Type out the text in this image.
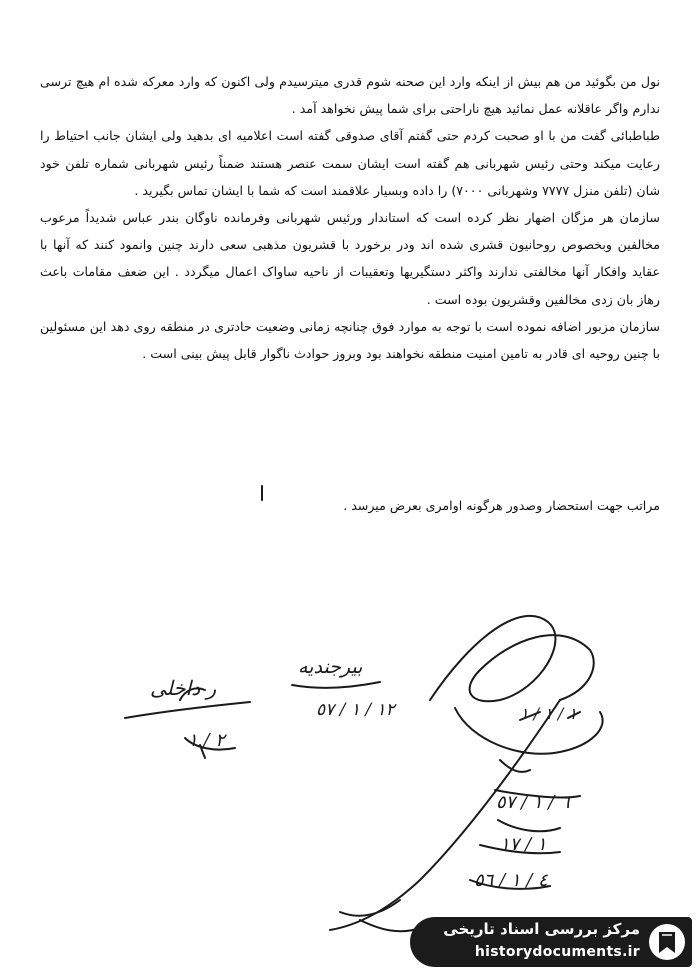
نول من بگوئید من هم بیش از اینکه وارد این صحنه شوم قدری میترسیدم ولی اکنون که وارد معرکه شده ام هیچ ترسی ندارم واگر عاقلانه عمل نمائید هیچ ناراحتی برای شما پیش نخواهد آمد .

طباطبائی گفت من با او صحبت کردم حتی گفتم آقای صدوقی گفته است اعلامیه ای بدهید ولی ایشان جانب احتیاط را رعایت میکند وحتی رئیس شهربانی هم گفته است ایشان سمت عنصر هستند ضمناً رئیس شهربانی شماره تلفن خود شان (تلفن منزل ٧٧٧٧ وشهربانی ٧٠٠٠) را داده وبسیار علاقمند است که شما با ایشان تماس بگیرید .

سازمان هر مزگان اضهار نظر کرده است که استاندار ورئیس شهربانی وفرمانده ناوگان بندر عباس شدیداً مرعوب مخالفین وبخصوص روحانیون قشری شده اند ودر برخورد با قشریون مذهبی سعی دارند چنین وانمود کنند که آنها با عقاید وافکار آنها مخالفتی ندارند واکثر دستگیریها وتعقیبات از ناحیه ساواک اعمال میگردد . این ضعف مقامات باعث رهاز بان زدی مخالفین وقشریون بوده است .

سازمان مزبور اضافه نموده است با توجه به موارد فوق چنانچه زمانی وضعیت حادتری در منطقه روی دهد این مسئولین با چنین روحیه ای قادر به تامین امنیت منطقه نخواهند بود وبروز حوادث ناگوار قابل پیش بینی است .

مراتب جهت استحضار وصدور هرگونه اوامری بعرض میرسد .
ر داخلی
٢ / ١
بیرجندیه
١٢ / ١ / ٥٧	١ / ١ / ١
٦ / ١ / ٥٧
١ / ١٧
٤ / ١ / ٥٦
مرکز بررسی اسناد تاریخی
historydocuments.ir
